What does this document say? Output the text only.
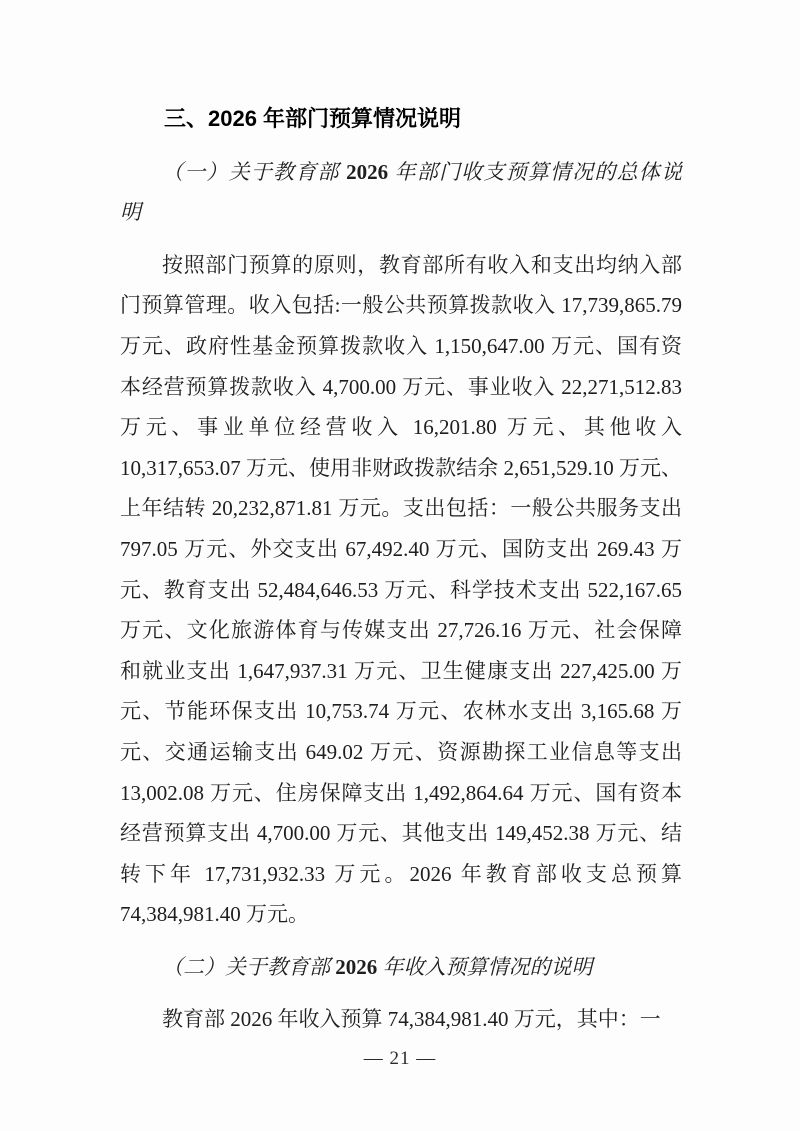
三、2026 年部门预算情况说明
（一）关于教育部 2026 年部门收支预算情况的总体说
明
按照部门预算的原则，教育部所有收入和支出均纳入部
门预算管理。收入包括:一般公共预算拨款收入 17,739,865.79
万元、政府性基金预算拨款收入 1,150,647.00 万元、国有资
本经营预算拨款收入 4,700.00 万元、事业收入 22,271,512.83
万元、事业单位经营收入 16,201.80 万元、其他收入
10,317,653.07 万元、使用非财政拨款结余 2,651,529.10 万元、
上年结转 20,232,871.81 万元。支出包括：一般公共服务支出
797.05 万元、外交支出 67,492.40 万元、国防支出 269.43 万
元、教育支出 52,484,646.53 万元、科学技术支出 522,167.65
万元、文化旅游体育与传媒支出 27,726.16 万元、社会保障
和就业支出 1,647,937.31 万元、卫生健康支出 227,425.00 万
元、节能环保支出 10,753.74 万元、农林水支出 3,165.68 万
元、交通运输支出 649.02 万元、资源勘探工业信息等支出
13,002.08 万元、住房保障支出 1,492,864.64 万元、国有资本
经营预算支出 4,700.00 万元、其他支出 149,452.38 万元、结
转下年 17,731,932.33 万元。2026 年教育部收支总预算
74,384,981.40 万元。
（二）关于教育部 2026 年收入预算情况的说明
教育部 2026 年收入预算 74,384,981.40 万元，其中：一
— 21 —
